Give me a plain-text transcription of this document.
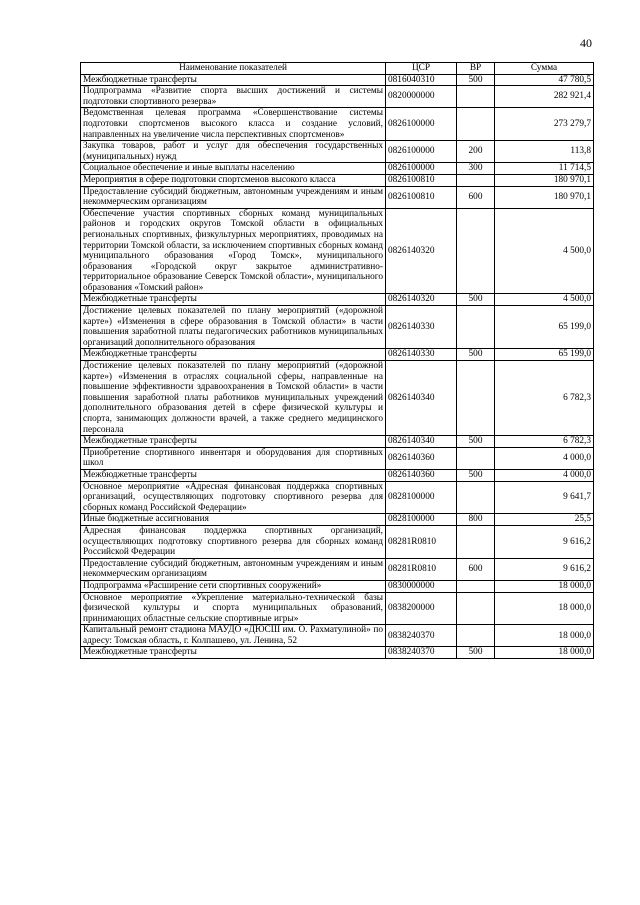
40
Наименование показателей	ЦСР	ВР	Сумма
Межбюджетные трансферты	0816040310	500	47 780,5
Подпрограмма «Развитие спорта высших достижений и системы подготовки спортивного резерва»	0820000000		282 921,4
Ведомственная целевая программа «Совершенствование системы подготовки спортсменов высокого класса и создание условий, направленных на увеличение числа перспективных спортсменов»	0826100000		273 279,7
Закупка товаров, работ и услуг для обеспечения государственных (муниципальных) нужд	0826100000	200	113,8
Социальное обеспечение и иные выплаты населению	0826100000	300	11 714,5
Мероприятия в сфере подготовки спортсменов высокого класса	0826100810		180 970,1
Предоставление субсидий бюджетным, автономным учреждениям и иным некоммерческим организациям	0826100810	600	180 970,1
Обеспечение участия спортивных сборных команд муниципальных районов и городских округов Томской области в официальных региональных спортивных, физкультурных мероприятиях, проводимых на территории Томской области, за исключением спортивных сборных команд муниципального образования «Город Томск», муниципального образования «Городской округ закрытое административно-территориальное образование Северск Томской области», муниципального образования «Томский район»	0826140320		4 500,0
Межбюджетные трансферты	0826140320	500	4 500,0
Достижение целевых показателей по плану мероприятий («дорожной карте») «Изменения в сфере образования в Томской области» в части повышения заработной платы педагогических работников муниципальных организаций дополнительного образования	0826140330		65 199,0
Межбюджетные трансферты	0826140330	500	65 199,0
Достижение целевых показателей по плану мероприятий («дорожной карте») «Изменения в отраслях социальной сферы, направленные на повышение эффективности здравоохранения в Томской области» в части повышения заработной платы работников муниципальных учреждений дополнительного образования детей в сфере физической культуры и спорта, занимающих должности врачей, а также среднего медицинского персонала	0826140340		6 782,3
Межбюджетные трансферты	0826140340	500	6 782,3
Приобретение спортивного инвентаря и оборудования для спортивных школ	0826140360		4 000,0
Межбюджетные трансферты	0826140360	500	4 000,0
Основное мероприятие «Адресная финансовая поддержка спортивных организаций, осуществляющих подготовку спортивного резерва для сборных команд Российской Федерации»	0828100000		9 641,7
Иные бюджетные ассигнования	0828100000	800	25,5
Адресная финансовая поддержка спортивных организаций, осуществляющих подготовку спортивного резерва для сборных команд Российской Федерации	08281R0810		9 616,2
Предоставление субсидий бюджетным, автономным учреждениям и иным некоммерческим организациям	08281R0810	600	9 616,2
Подпрограмма «Расширение сети спортивных сооружений»	0830000000		18 000,0
Основное мероприятие «Укрепление материально-технической базы физической культуры и спорта муниципальных образований, принимающих областные сельские спортивные игры»	0838200000		18 000,0
Капитальный ремонт стадиона МАУДО «ДЮСШ им. О. Рахматулиной» по адресу: Томская область, г. Колпашево, ул. Ленина, 52	0838240370		18 000,0
Межбюджетные трансферты	0838240370	500	18 000,0
